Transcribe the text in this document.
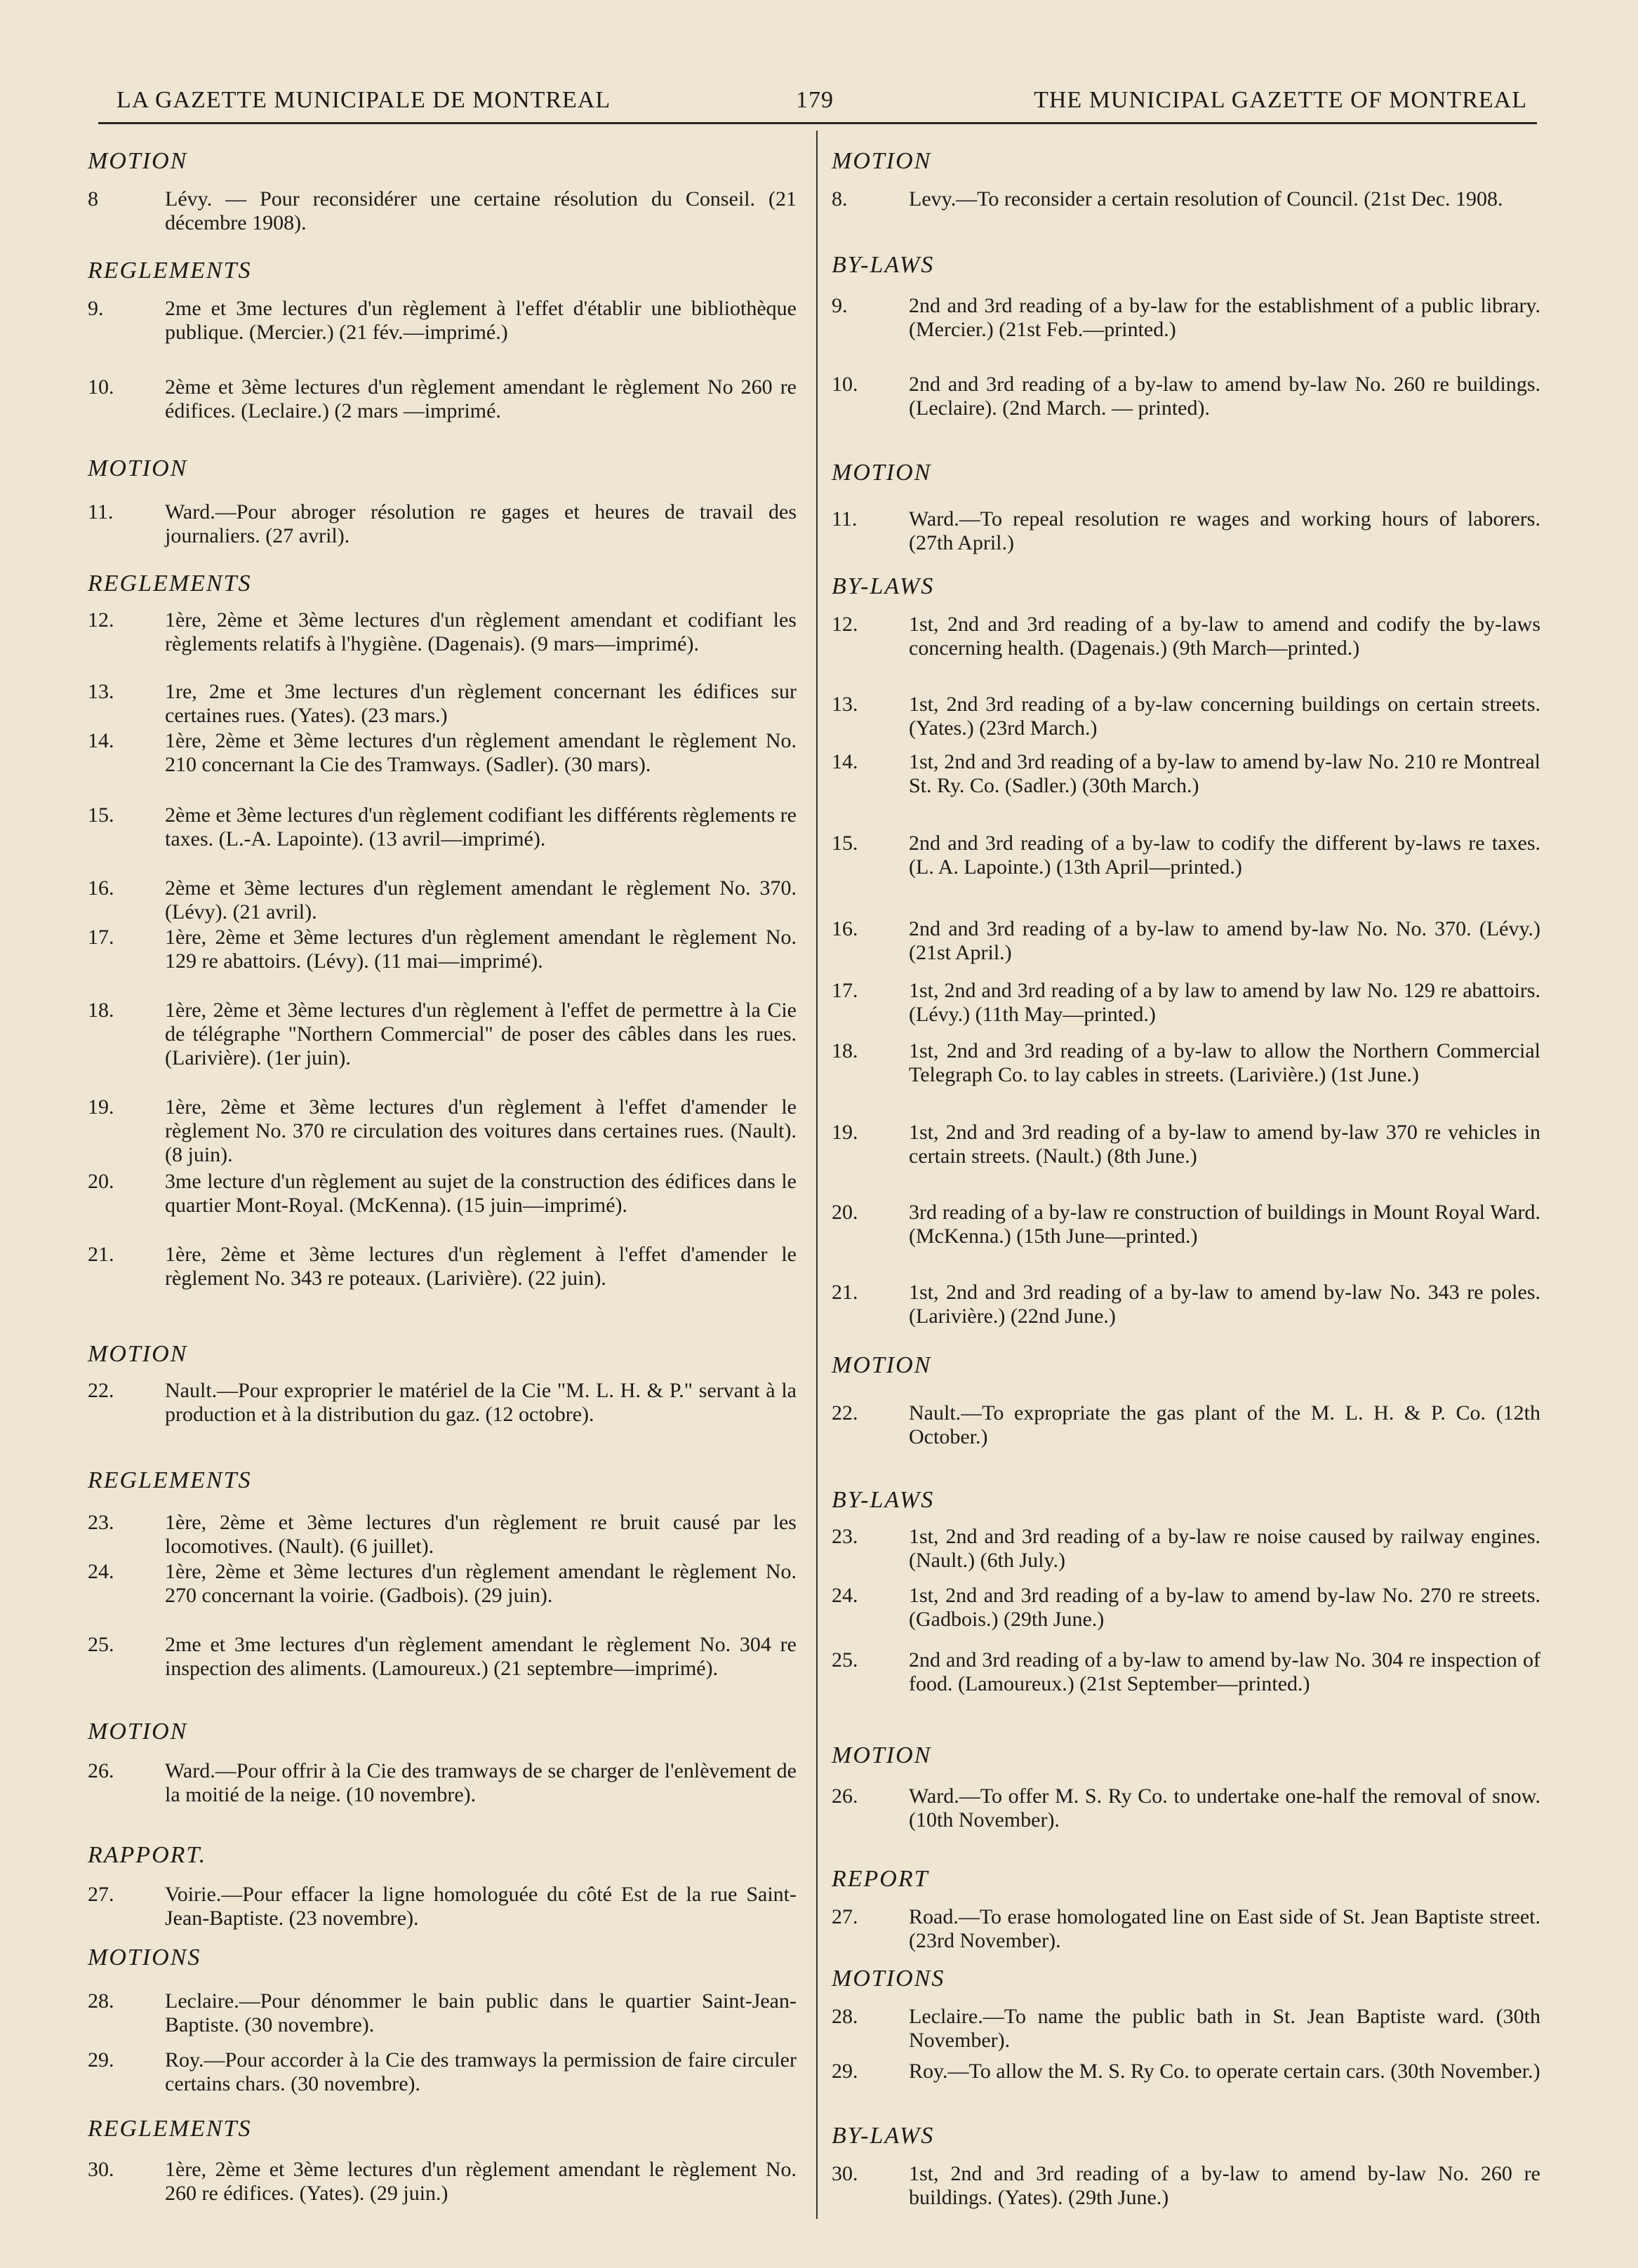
LA GAZETTE MUNICIPALE DE MONTREAL	179	THE MUNICIPAL GAZETTE OF MONTREAL
MOTION
8	Lévy. — Pour reconsidérer une certaine résolution du Conseil. (21 décembre 1908).
REGLEMENTS
9.	2me et 3me lectures d'un règlement à l'effet d'établir une bibliothèque publique. (Mercier.) (21 fév.—imprimé.)
10.	2ème et 3ème lectures d'un règlement amendant le règlement No 260 re édifices. (Leclaire.) (2 mars —imprimé.
MOTION
11.	Ward.—Pour abroger résolution re gages et heures de travail des journaliers. (27 avril).
REGLEMENTS
12.	1ère, 2ème et 3ème lectures d'un règlement amendant et codifiant les règlements relatifs à l'hygiène. (Dagenais). (9 mars—imprimé).
13.	1re, 2me et 3me lectures d'un règlement concernant les édifices sur certaines rues. (Yates). (23 mars.)
14.	1ère, 2ème et 3ème lectures d'un règlement amendant le règlement No. 210 concernant la Cie des Tramways. (Sadler). (30 mars).
15.	2ème et 3ème lectures d'un règlement codifiant les différents règlements re taxes. (L.-A. Lapointe). (13 avril—imprimé).
16.	2ème et 3ème lectures d'un règlement amendant le règlement No. 370. (Lévy). (21 avril).
17.	1ère, 2ème et 3ème lectures d'un règlement amendant le règlement No. 129 re abattoirs. (Lévy). (11 mai—imprimé).
18.	1ère, 2ème et 3ème lectures d'un règlement à l'effet de permettre à la Cie de télégraphe "Northern Commercial" de poser des câbles dans les rues. (Larivière). (1er juin).
19.	1ère, 2ème et 3ème lectures d'un règlement à l'effet d'amender le règlement No. 370 re circulation des voitures dans certaines rues. (Nault). (8 juin).
20.	3me lecture d'un règlement au sujet de la construction des édifices dans le quartier Mont-Royal. (McKenna). (15 juin—imprimé).
21.	1ère, 2ème et 3ème lectures d'un règlement à l'effet d'amender le règlement No. 343 re poteaux. (Larivière). (22 juin).
MOTION
22.	Nault.—Pour exproprier le matériel de la Cie "M. L. H. & P." servant à la production et à la distribution du gaz. (12 octobre).
REGLEMENTS
23.	1ère, 2ème et 3ème lectures d'un règlement re bruit causé par les locomotives. (Nault). (6 juillet).
24.	1ère, 2ème et 3ème lectures d'un règlement amendant le règlement No. 270 concernant la voirie. (Gadbois). (29 juin).
25.	2me et 3me lectures d'un règlement amendant le règlement No. 304 re inspection des aliments. (Lamoureux.) (21 septembre—imprimé).
MOTION
26.	Ward.—Pour offrir à la Cie des tramways de se charger de l'enlèvement de la moitié de la neige. (10 novembre).
RAPPORT.
27.	Voirie.—Pour effacer la ligne homologuée du côté Est de la rue Saint-Jean-Baptiste. (23 novembre).
MOTIONS
28.	Leclaire.—Pour dénommer le bain public dans le quartier Saint-Jean-Baptiste. (30 novembre).
29.	Roy.—Pour accorder à la Cie des tramways la permission de faire circuler certains chars. (30 novembre).
REGLEMENTS
30.	1ère, 2ème et 3ème lectures d'un règlement amendant le règlement No. 260 re édifices. (Yates). (29 juin.)
MOTION
8.	Levy.—To reconsider a certain resolution of Council. (21st Dec. 1908.
BY-LAWS
9.	2nd and 3rd reading of a by-law for the establishment of a public library. (Mercier.) (21st Feb.—printed.)
10.	2nd and 3rd reading of a by-law to amend by-law No. 260 re buildings. (Leclaire). (2nd March. — printed).
MOTION
11.	Ward.—To repeal resolution re wages and working hours of laborers. (27th April.)
BY-LAWS
12.	1st, 2nd and 3rd reading of a by-law to amend and codify the by-laws concerning health. (Dagenais.) (9th March—printed.)
13.	1st, 2nd 3rd reading of a by-law concerning buildings on certain streets. (Yates.) (23rd March.)
14.	1st, 2nd and 3rd reading of a by-law to amend by-law No. 210 re Montreal St. Ry. Co. (Sadler.) (30th March.)
15.	2nd and 3rd reading of a by-law to codify the different by-laws re taxes. (L. A. Lapointe.) (13th April—printed.)
16.	2nd and 3rd reading of a by-law to amend by-law No. No. 370. (Lévy.) (21st April.)
17.	1st, 2nd and 3rd reading of a by law to amend by law No. 129 re abattoirs. (Lévy.) (11th May—printed.)
18.	1st, 2nd and 3rd reading of a by-law to allow the Northern Commercial Telegraph Co. to lay cables in streets. (Larivière.) (1st June.)
19.	1st, 2nd and 3rd reading of a by-law to amend by-law 370 re vehicles in certain streets. (Nault.) (8th June.)
20.	3rd reading of a by-law re construction of buildings in Mount Royal Ward. (McKenna.) (15th June—printed.)
21.	1st, 2nd and 3rd reading of a by-law to amend by-law No. 343 re poles. (Larivière.) (22nd June.)
MOTION
22.	Nault.—To expropriate the gas plant of the M. L. H. & P. Co. (12th October.)
BY-LAWS
23.	1st, 2nd and 3rd reading of a by-law re noise caused by railway engines. (Nault.) (6th July.)
24.	1st, 2nd and 3rd reading of a by-law to amend by-law No. 270 re streets. (Gadbois.) (29th June.)
25.	2nd and 3rd reading of a by-law to amend by-law No. 304 re inspection of food. (Lamoureux.) (21st September—printed.)
MOTION
26.	Ward.—To offer M. S. Ry Co. to undertake one-half the removal of snow. (10th November).
REPORT
27.	Road.—To erase homologated line on East side of St. Jean Baptiste street. (23rd November).
MOTIONS
28.	Leclaire.—To name the public bath in St. Jean Baptiste ward. (30th November).
29.	Roy.—To allow the M. S. Ry Co. to operate certain cars. (30th November.)
BY-LAWS
30.	1st, 2nd and 3rd reading of a by-law to amend by-law No. 260 re buildings. (Yates). (29th June.)
